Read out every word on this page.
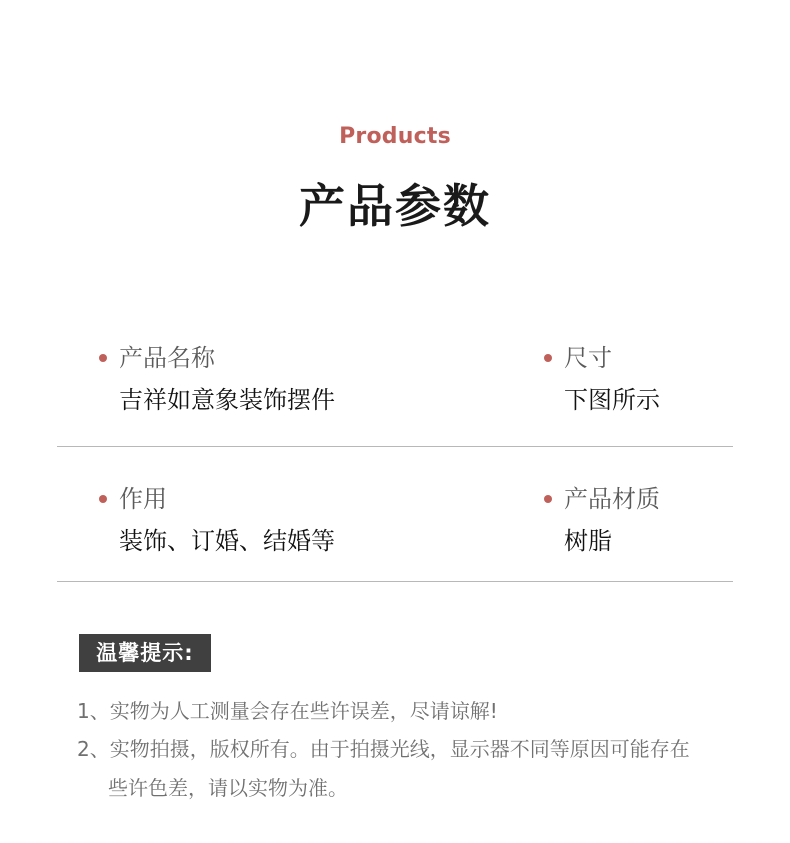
Products
产品参数
产品名称
吉祥如意象装饰摆件
尺寸
下图所示
作用
装饰、订婚、结婚等
产品材质
树脂
温馨提示:
1、实物为人工测量会存在些许误差，尽请谅解!
2、实物拍摄，版权所有。由于拍摄光线，显示器不同等原因可能存在
些许色差，请以实物为准。
